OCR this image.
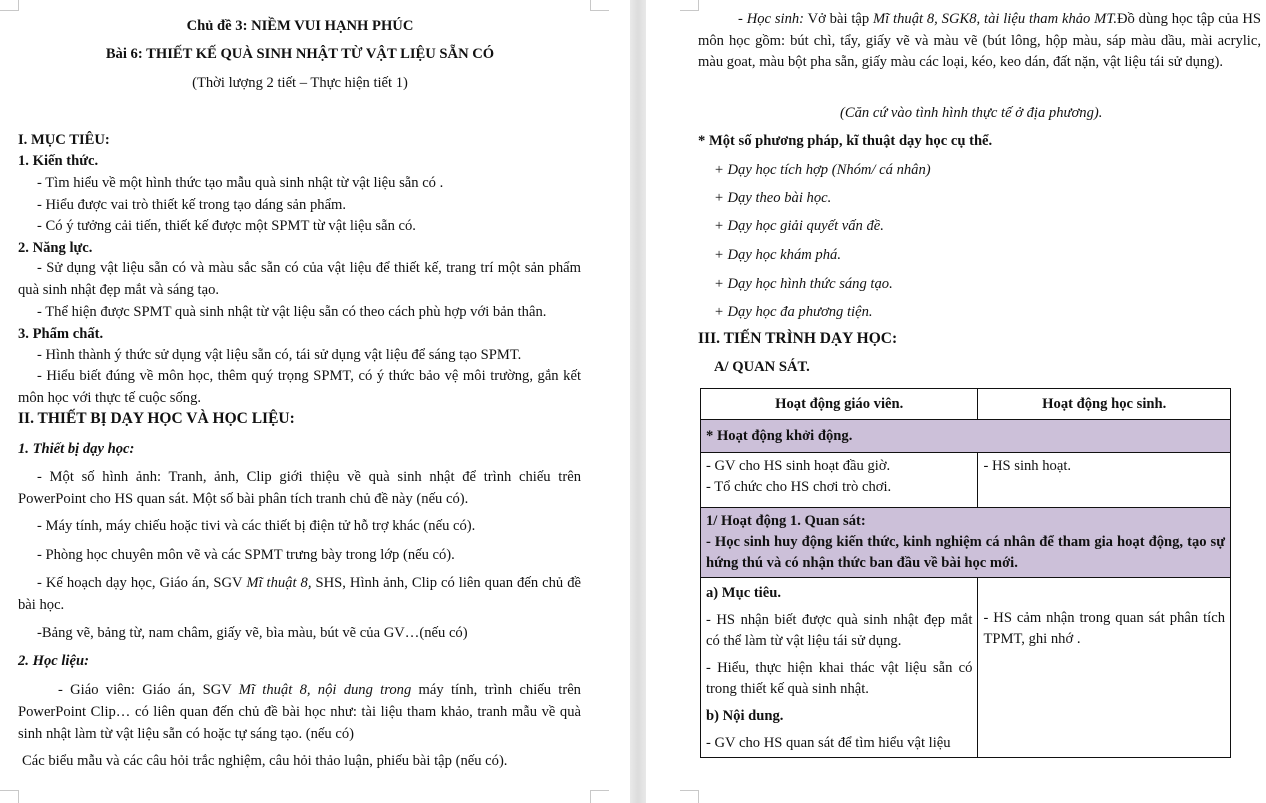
Chủ đề 3: NIỀM VUI HẠNH PHÚC
Bài 6: THIẾT KẾ QUÀ SINH NHẬT TỪ VẬT LIỆU SẴN CÓ
(Thời lượng 2 tiết – Thực hiện tiết 1)
I. MỤC TIÊU:
1. Kiến thức.
- Tìm hiểu về một hình thức tạo mẫu quà sinh nhật từ vật liệu sẵn có .
- Hiểu được vai trò thiết kế trong tạo dáng sản phẩm.
- Có ý tưởng cải tiến, thiết kế được một SPMT từ vật liệu sẵn có.
2. Năng lực.
- Sử dụng vật liệu sẵn có và màu sắc sẵn có của vật liệu để thiết kế, trang trí một sản phẩm quà sinh nhật đẹp mắt và sáng tạo.
- Thể hiện được SPMT quà sinh nhật từ vật liệu sẵn có theo cách phù hợp với bản thân.
3. Phẩm chất.
- Hình thành ý thức sử dụng vật liệu sẵn có, tái sử dụng vật liệu để sáng tạo SPMT.
- Hiểu biết đúng về môn học, thêm quý trọng SPMT, có ý thức bảo vệ môi trường, gắn kết môn học với thực tế cuộc sống.
II. THIẾT BỊ DẠY HỌC VÀ HỌC LIỆU:
1. Thiết bị dạy học:
- Một số hình ảnh: Tranh, ảnh, Clip giới thiệu về quà sinh nhật để trình chiếu trên PowerPoint cho HS quan sát. Một số bài phân tích tranh chủ đề này (nếu có).
- Máy tính, máy chiếu hoặc tivi và các thiết bị điện tử hỗ trợ khác (nếu có).
- Phòng học chuyên môn vẽ và các SPMT trưng bày trong lớp (nếu có).
- Kế hoạch dạy học, Giáo án, SGV Mĩ thuật 8, SHS, Hình ảnh, Clip có liên quan đến chủ đề bài học.
-Bảng vẽ, bảng từ, nam châm, giấy vẽ, bìa màu, bút vẽ của GV…(nếu có)
2. Học liệu:
- Giáo viên: Giáo án, SGV Mĩ thuật 8, nội dung trong máy tính, trình chiếu trên PowerPoint Clip… có liên quan đến chủ đề bài học như: tài liệu tham khảo, tranh mẫu về quà sinh nhật làm từ vật liệu sẵn có hoặc tự sáng tạo. (nếu có)
Các biểu mẫu và các câu hỏi trắc nghiệm, câu hỏi thảo luận, phiếu bài tập (nếu có).
- Học sinh: Vở bài tập Mĩ thuật 8, SGK8, tài liệu tham khảo MT.Đồ dùng học tập của HS môn học gồm: bút chì, tẩy, giấy vẽ và màu vẽ (bút lông, hộp màu, sáp màu dầu, mài acrylic, màu goat, màu bột pha sẵn, giấy màu các loại, kéo, keo dán, đất nặn, vật liệu tái sử dụng).
(Căn cứ vào tình hình thực tế ở địa phương).
* Một số phương pháp, kĩ thuật dạy học cụ thể.
+ Dạy học tích hợp (Nhóm/ cá nhân)
+ Dạy theo bài học.
+ Dạy học giải quyết vấn đề.
+ Dạy học khám phá.
+ Dạy học hình thức sáng tạo.
+ Dạy học đa phương tiện.
III. TIẾN TRÌNH DẠY HỌC:
A/ QUAN SÁT.
Hoạt động giáo viên.	Hoạt động học sinh.
* Hoạt động khởi động.	

- GV cho HS sinh hoạt đầu giờ.
- Tổ chức cho HS chơi trò chơi.	- HS sinh hoạt.

1/ Hoạt động 1. Quan sát:
- Học sinh huy động kiến thức, kinh nghiệm cá nhân để tham gia hoạt động, tạo sự hứng thú và có nhận thức ban đầu về bài học mới.	

a) Mục tiêu.

- HS nhận biết được quà sinh nhật đẹp mắt có thể làm từ vật liệu tái sử dụng.

- Hiểu, thực hiện khai thác vật liệu sẵn có trong thiết kế quà sinh nhật.

b) Nội dung.
- GV cho HS quan sát để tìm hiểu vật liệu	- HS cảm nhận trong quan sát phân tích TPMT, ghi nhớ .
